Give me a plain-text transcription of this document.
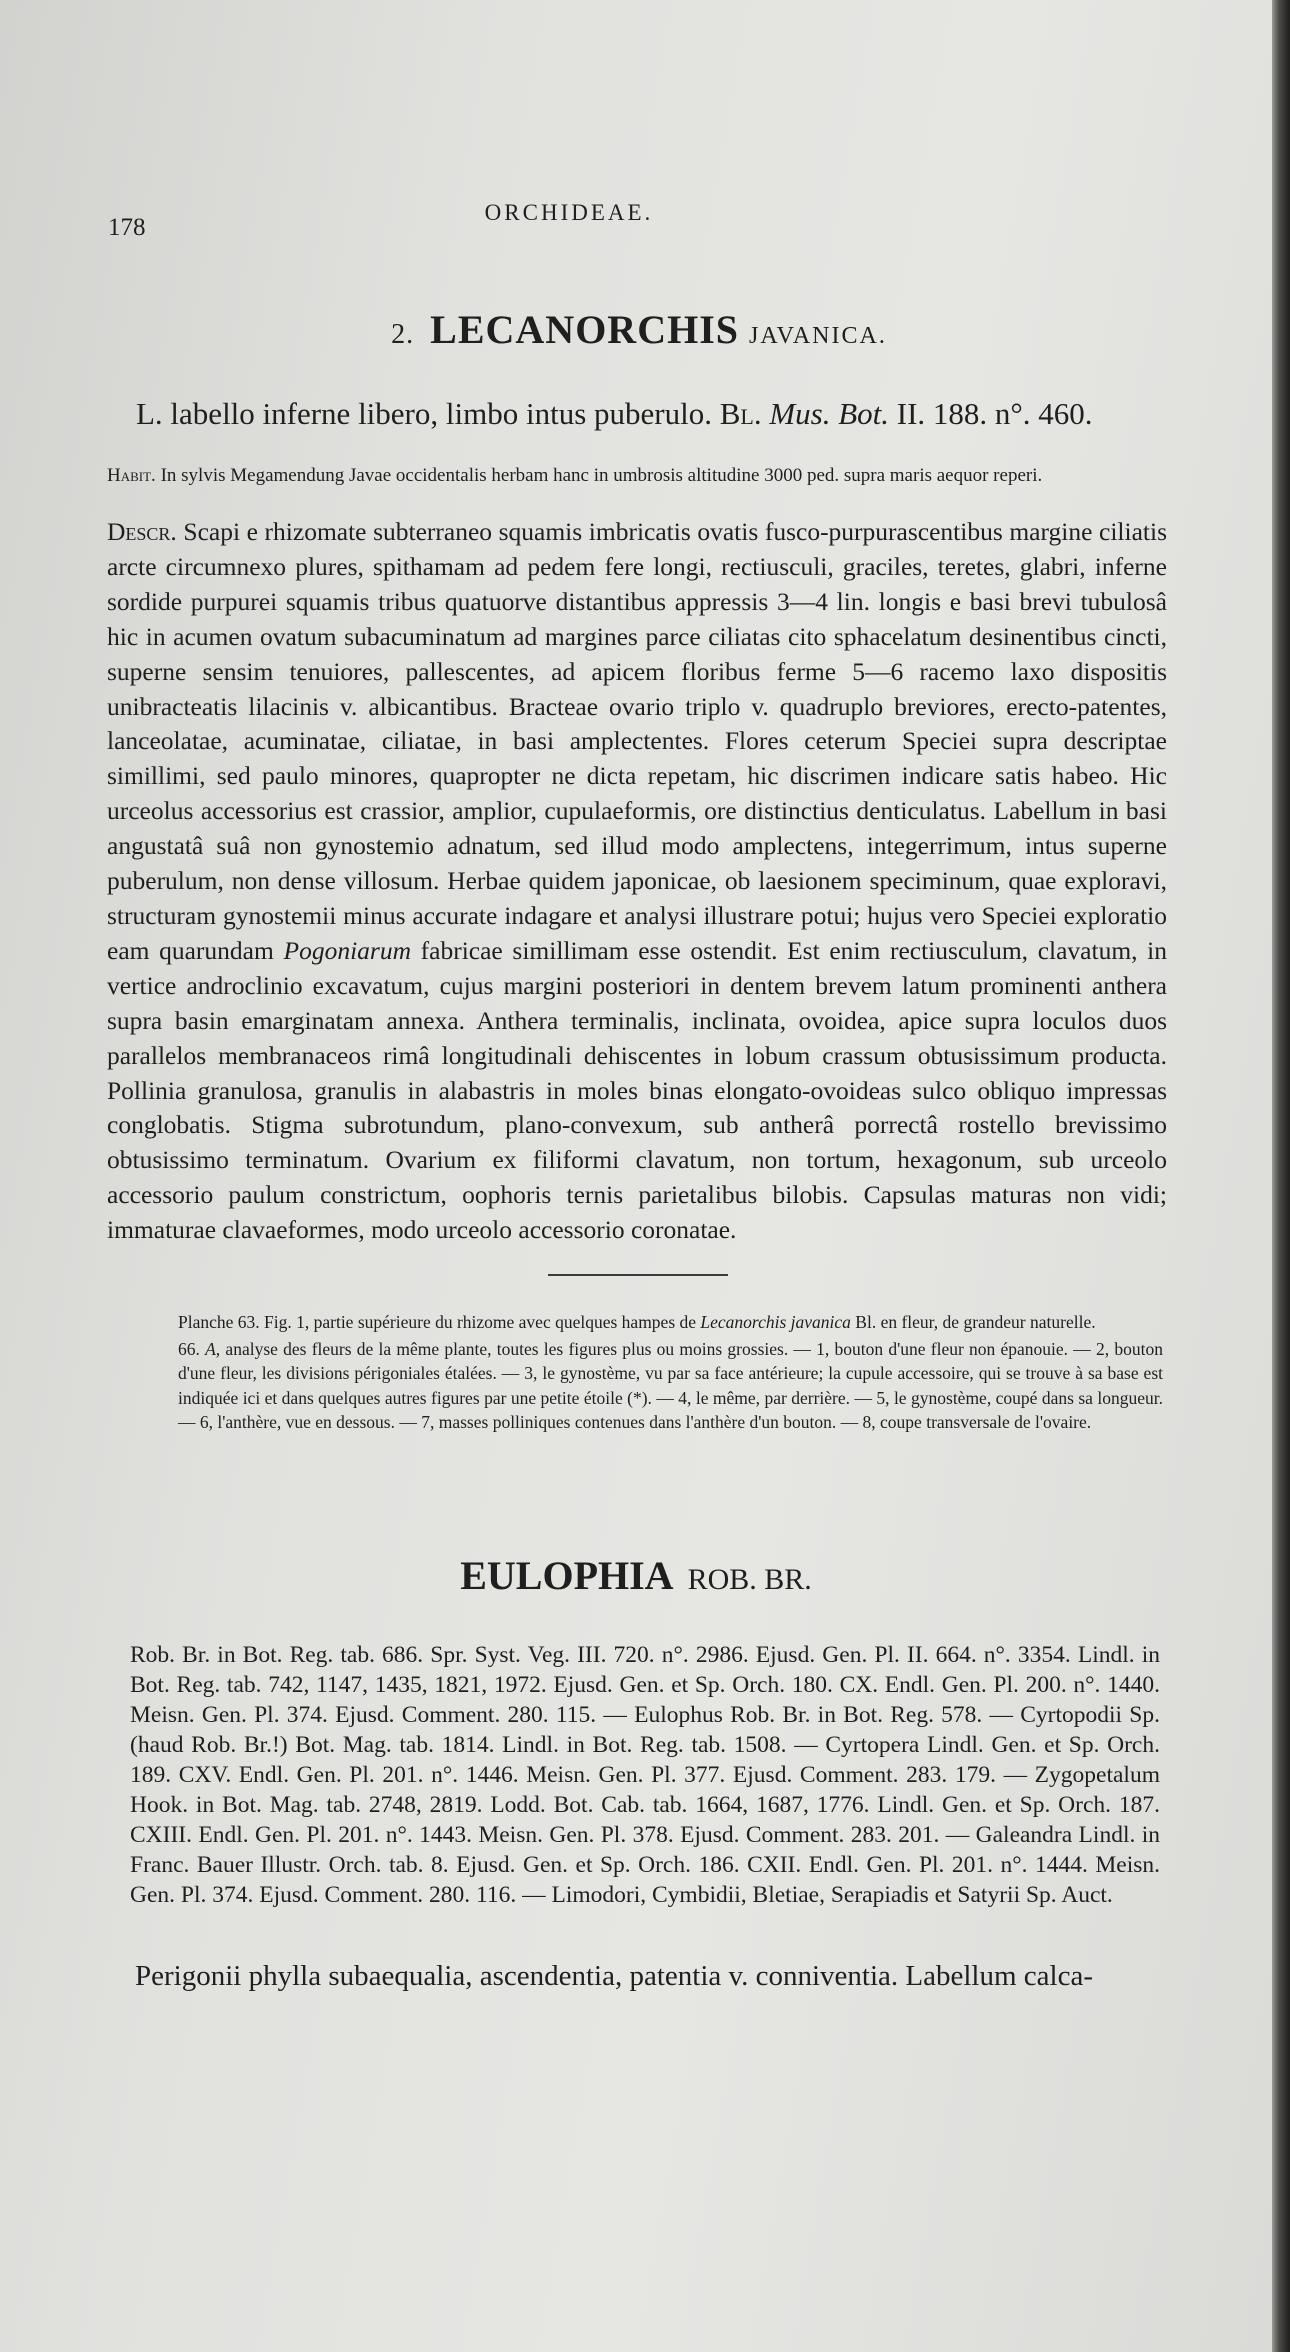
178
ORCHIDEAE.
2. LECANORCHIS JAVANICA.
L. labello inferne libero, limbo intus puberulo. Bl. Mus. Bot. II. 188. n°. 460.
Habit. In sylvis Megamendung Javae occidentalis herbam hanc in umbrosis altitudine 3000 ped. supra maris aequor reperi.
Descr. Scapi e rhizomate subterraneo squamis imbricatis ovatis fusco-purpurascentibus margine ciliatis arcte circumnexo plures, spithamam ad pedem fere longi, rectiusculi, graciles, teretes, glabri, inferne sordide purpurei squamis tribus quatuorve distantibus appressis 3—4 lin. longis e basi brevi tubulosâ hic in acumen ovatum subacuminatum ad margines parce ciliatas cito sphacelatum desinentibus cincti, superne sensim tenuiores, pallescentes, ad apicem floribus ferme 5—6 racemo laxo dispositis unibracteatis lilacinis v. albicantibus. Bracteae ovario triplo v. quadruplo breviores, erecto-patentes, lanceolatae, acuminatae, ciliatae, in basi amplectentes. Flores ceterum Speciei supra descriptae simillimi, sed paulo minores, quapropter ne dicta repetam, hic discrimen indicare satis habeo. Hic urceolus accessorius est crassior, amplior, cupulaeformis, ore distinctius denticulatus. Labellum in basi angustatâ suâ non gynostemio adnatum, sed illud modo amplectens, integerrimum, intus superne puberulum, non dense villosum. Herbae quidem japonicae, ob laesionem speciminum, quae exploravi, structuram gynostemii minus accurate indagare et analysi illustrare potui; hujus vero Speciei exploratio eam quarundam Pogoniarum fabricae simillimam esse ostendit. Est enim rectiusculum, clavatum, in vertice androclinio excavatum, cujus margini posteriori in dentem brevem latum prominenti anthera supra basin emarginatam annexa. Anthera terminalis, inclinata, ovoidea, apice supra loculos duos parallelos membranaceos rimâ longitudinali dehiscentes in lobum crassum obtusissimum producta. Pollinia granulosa, granulis in alabastris in moles binas elongato-ovoideas sulco obliquo impressas conglobatis. Stigma subrotundum, plano-convexum, sub antherâ porrectâ rostello brevissimo obtusissimo terminatum. Ovarium ex filiformi clavatum, non tortum, hexagonum, sub urceolo accessorio paulum constrictum, oophoris ternis parietalibus bilobis. Capsulas maturas non vidi; immaturae clavaeformes, modo urceolo accessorio coronatae.

Planche 63. Fig. 1, partie supérieure du rhizome avec quelques hampes de Lecanorchis javanica Bl. en fleur, de grandeur naturelle.

66. A, analyse des fleurs de la même plante, toutes les figures plus ou moins grossies. — 1, bouton d'une fleur non épanouie. — 2, bouton d'une fleur, les divisions périgoniales étalées. — 3, le gynostème, vu par sa face antérieure; la cupule accessoire, qui se trouve à sa base est indiquée ici et dans quelques autres figures par une petite étoile (*). — 4, le même, par derrière. — 5, le gynostème, coupé dans sa longueur. — 6, l'anthère, vue en dessous. — 7, masses polliniques contenues dans l'anthère d'un bouton. — 8, coupe transversale de l'ovaire.

EULOPHIA ROB. BR.
Rob. Br. in Bot. Reg. tab. 686. Spr. Syst. Veg. III. 720. n°. 2986. Ejusd. Gen. Pl. II. 664. n°. 3354. Lindl. in Bot. Reg. tab. 742, 1147, 1435, 1821, 1972. Ejusd. Gen. et Sp. Orch. 180. CX. Endl. Gen. Pl. 200. n°. 1440. Meisn. Gen. Pl. 374. Ejusd. Comment. 280. 115. — Eulophus Rob. Br. in Bot. Reg. 578. — Cyrtopodii Sp. (haud Rob. Br.!) Bot. Mag. tab. 1814. Lindl. in Bot. Reg. tab. 1508. — Cyrtopera Lindl. Gen. et Sp. Orch. 189. CXV. Endl. Gen. Pl. 201. n°. 1446. Meisn. Gen. Pl. 377. Ejusd. Comment. 283. 179. — Zygopetalum Hook. in Bot. Mag. tab. 2748, 2819. Lodd. Bot. Cab. tab. 1664, 1687, 1776. Lindl. Gen. et Sp. Orch. 187. CXIII. Endl. Gen. Pl. 201. n°. 1443. Meisn. Gen. Pl. 378. Ejusd. Comment. 283. 201. — Galeandra Lindl. in Franc. Bauer Illustr. Orch. tab. 8. Ejusd. Gen. et Sp. Orch. 186. CXII. Endl. Gen. Pl. 201. n°. 1444. Meisn. Gen. Pl. 374. Ejusd. Comment. 280. 116. — Limodori, Cymbidii, Bletiae, Serapiadis et Satyrii Sp. Auct.
Perigonii phylla subaequalia, ascendentia, patentia v. conniventia. Labellum calca-
